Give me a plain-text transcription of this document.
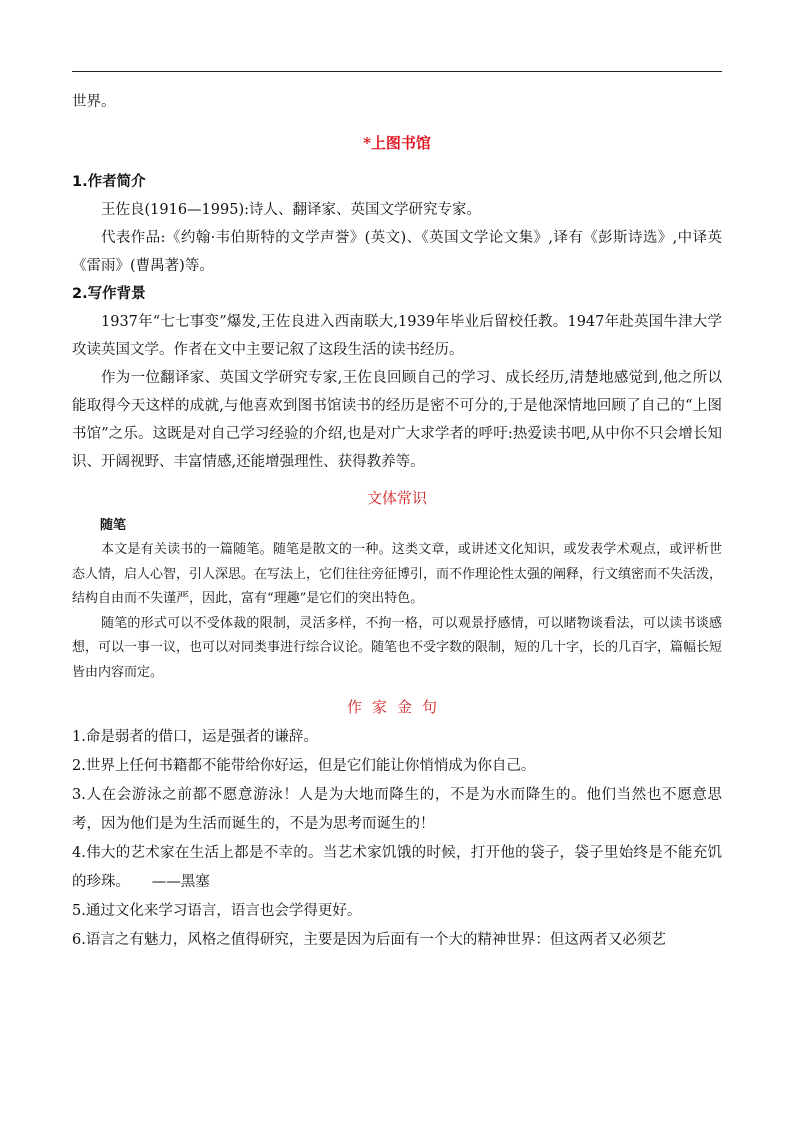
世界。

*上图书馆

1.作者简介

王佐良(1916—1995):诗人、翻译家、英国文学研究专家。

代表作品:《约翰·韦伯斯特的文学声誉》(英文)、《英国文学论文集》,译有《彭斯诗选》,中译英《雷雨》(曹禺著)等。

2.写作背景

1937年“七七事变”爆发,王佐良进入西南联大,1939年毕业后留校任教。1947年赴英国牛津大学攻读英国文学。作者在文中主要记叙了这段生活的读书经历。

作为一位翻译家、英国文学研究专家,王佐良回顾自己的学习、成长经历,清楚地感觉到,他之所以能取得今天这样的成就,与他喜欢到图书馆读书的经历是密不可分的,于是他深情地回顾了自己的“上图书馆”之乐。这既是对自己学习经验的介绍,也是对广大求学者的呼吁:热爱读书吧,从中你不只会增长知识、开阔视野、丰富情感,还能增强理性、获得教养等。

文体常识

随笔

本文是有关读书的一篇随笔。随笔是散文的一种。这类文章，或讲述文化知识，或发表学术观点，或评析世态人情，启人心智，引人深思。在写法上，它们往往旁征博引，而不作理论性太强的阐释，行文缜密而不失活泼，结构自由而不失谨严，因此，富有“理趣”是它们的突出特色。

随笔的形式可以不受体裁的限制，灵活多样，不拘一格，可以观景抒感情，可以睹物谈看法，可以读书谈感想，可以一事一议，也可以对同类事进行综合议论。随笔也不受字数的限制，短的几十字，长的几百字，篇幅长短皆由内容而定。

作家金句

1.命是弱者的借口，运是强者的谦辞。

2.世界上任何书籍都不能带给你好运，但是它们能让你悄悄成为你自己。

3.人在会游泳之前都不愿意游泳！人是为大地而降生的，不是为水而降生的。他们当然也不愿意思考，因为他们是为生活而诞生的，不是为思考而诞生的！

4.伟大的艺术家在生活上都是不幸的。当艺术家饥饿的时候，打开他的袋子，袋子里始终是不能充饥的珍珠。　　——黑塞

5.通过文化来学习语言，语言也会学得更好。

6.语言之有魅力，风格之值得研究，主要是因为后面有一个大的精神世界：但这两者又必须艺
